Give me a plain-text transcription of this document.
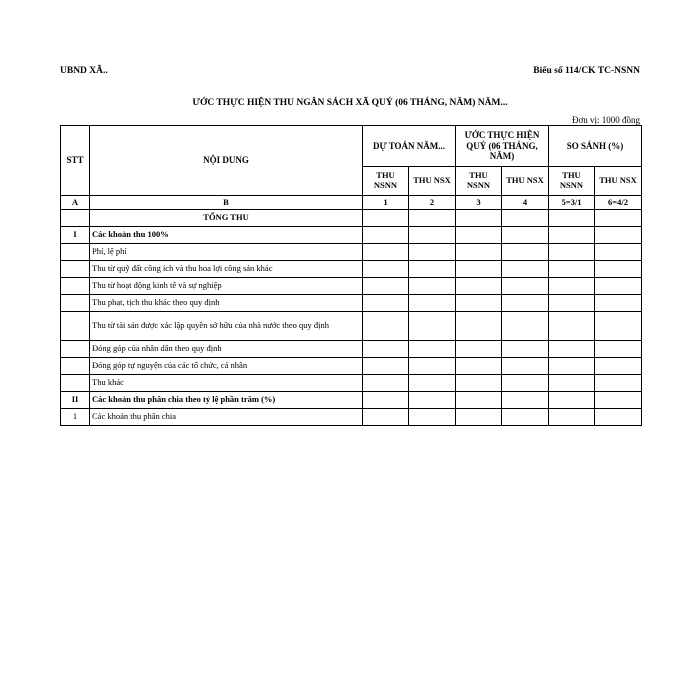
UBND XÃ..	Biểu số 114/CK TC-NSNN
ƯỚC THỰC HIỆN THU NGÂN SÁCH XÃ QUÝ (06 THÁNG, NĂM) NĂM...
Đơn vị: 1000 đồng
STT	NỘI DUNG	DỰ TOÁN NĂM...		ƯỚC THỰC HIỆN QUÝ (06 THÁNG, NĂM)		SO SÁNH (%)	
		THU NSNN	THU NSX	THU NSNN	THU NSX	THU NSNN	THU NSX
A	B	1	2	3	4	5=3/1	6=4/2
	TỔNG THU						
I	Các khoản thu 100%						
	Phí, lệ phí						
	Thu từ quỹ đất công ích và thu hoa lợi công sản khác						
	Thu từ hoạt động kinh tế và sự nghiệp						
	Thu phạt, tịch thu khác theo quy định						
	Thu từ tài sản được xác lập quyền sở hữu của nhà nước theo quy định						
	Đóng góp của nhân dân theo quy định						
	Đóng góp tự nguyện của các tổ chức, cá nhân						
	Thu khác						
II	Các khoản thu phân chia theo tỷ lệ phần trăm (%)						
1	Các khoản thu phân chia						
